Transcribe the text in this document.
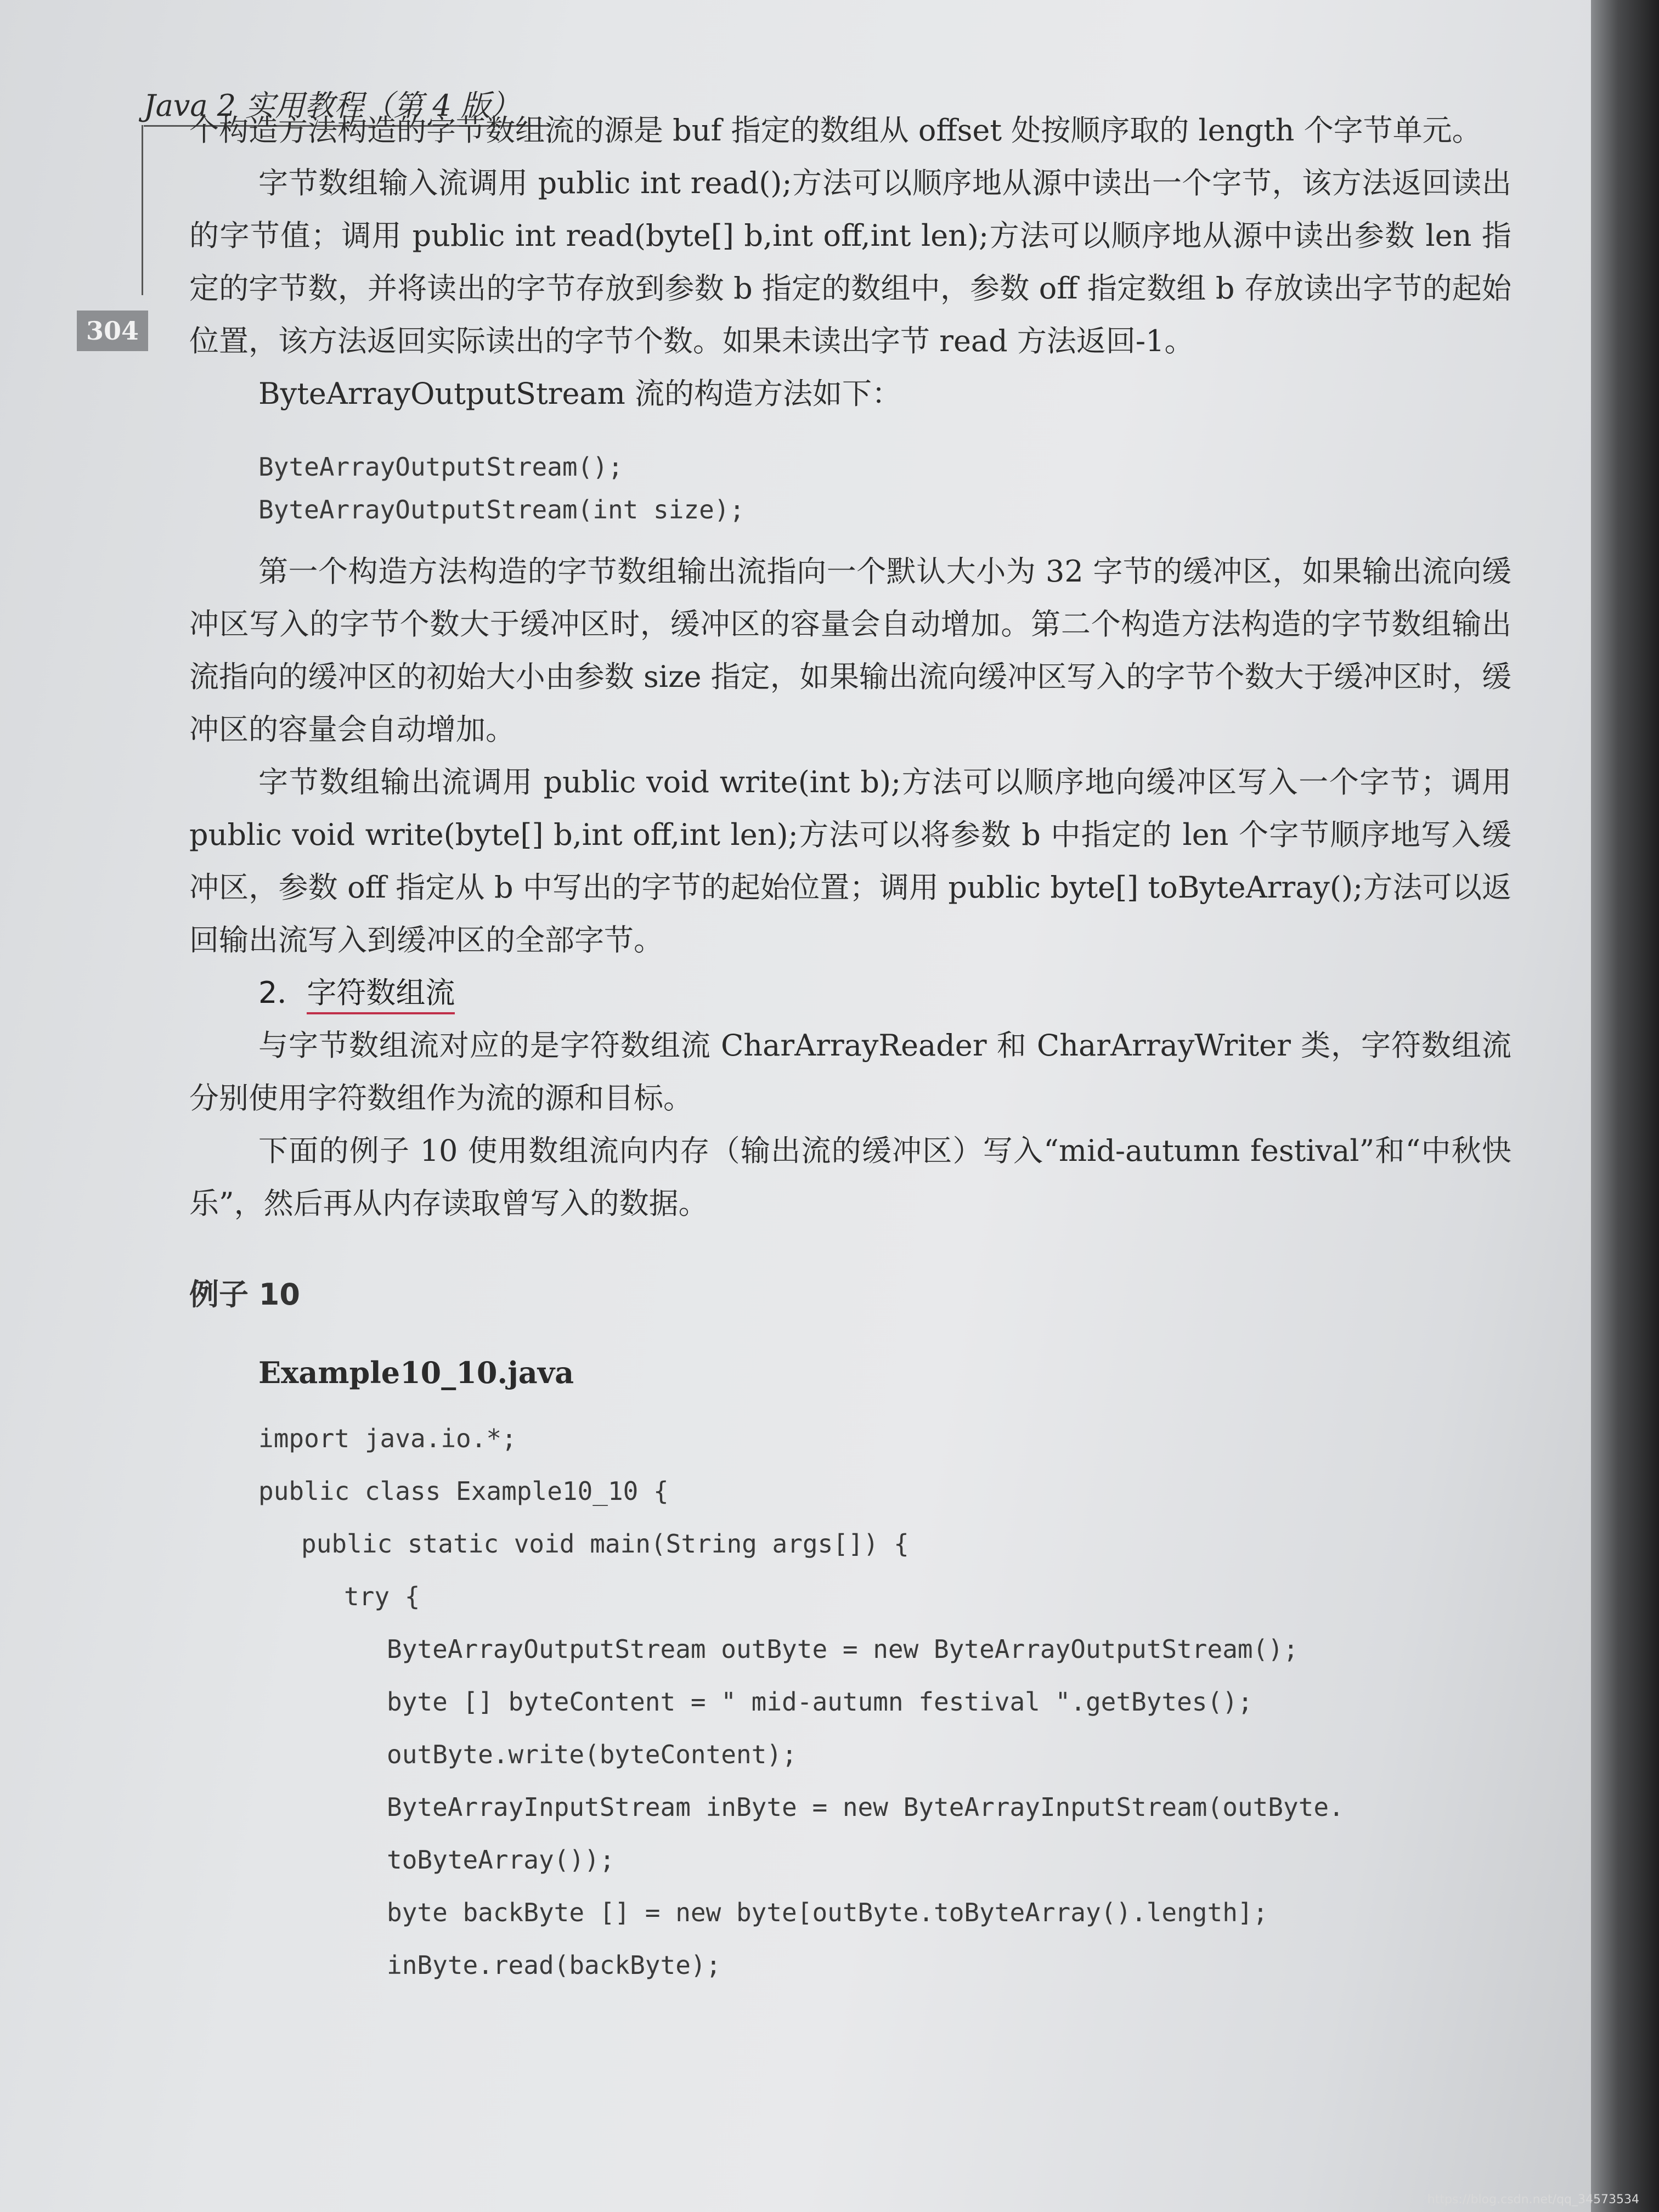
Java 2 实用教程（第 4 版）
304

个构造方法构造的字节数组流的源是 buf 指定的数组从 offset 处按顺序取的 length 个字节单元。

字节数组输入流调用 public int read();方法可以顺序地从源中读出一个字节，该方法返回读出的字节值；调用 public int read(byte[] b,int off,int len);方法可以顺序地从源中读出参数 len 指定的字节数，并将读出的字节存放到参数 b 指定的数组中，参数 off 指定数组 b 存放读出字节的起始位置，该方法返回实际读出的字节个数。如果未读出字节 read 方法返回-1。

ByteArrayOutputStream 流的构造方法如下：

ByteArrayOutputStream();

ByteArrayOutputStream(int size);

第一个构造方法构造的字节数组输出流指向一个默认大小为 32 字节的缓冲区，如果输出流向缓冲区写入的字节个数大于缓冲区时，缓冲区的容量会自动增加。第二个构造方法构造的字节数组输出流指向的缓冲区的初始大小由参数 size 指定，如果输出流向缓冲区写入的字节个数大于缓冲区时，缓冲区的容量会自动增加。

字节数组输出流调用 public void write(int b);方法可以顺序地向缓冲区写入一个字节；调用 public void write(byte[] b,int off,int len);方法可以将参数 b 中指定的 len 个字节顺序地写入缓冲区，参数 off 指定从 b 中写出的字节的起始位置；调用 public byte[] toByteArray();方法可以返回输出流写入到缓冲区的全部字节。

2．字符数组流

与字节数组流对应的是字符数组流 CharArrayReader 和 CharArrayWriter 类，字符数组流分别使用字符数组作为流的源和目标。

下面的例子 10 使用数组流向内存（输出流的缓冲区）写入“mid-autumn festival”和“中秋快乐”，然后再从内存读取曾写入的数据。

例子 10

Example10_10.java

import java.io.*;

public class Example10_10 {

public static void main(String args[]) {

try {

ByteArrayOutputStream outByte = new ByteArrayOutputStream();

byte [] byteContent = " mid-autumn festival ".getBytes();

outByte.write(byteContent);

ByteArrayInputStream inByte = new ByteArrayInputStream(outByte.

toByteArray());

byte backByte [] = new byte[outByte.toByteArray().length];

inByte.read(backByte);

https://blog.csdn.net/qq_34573534
